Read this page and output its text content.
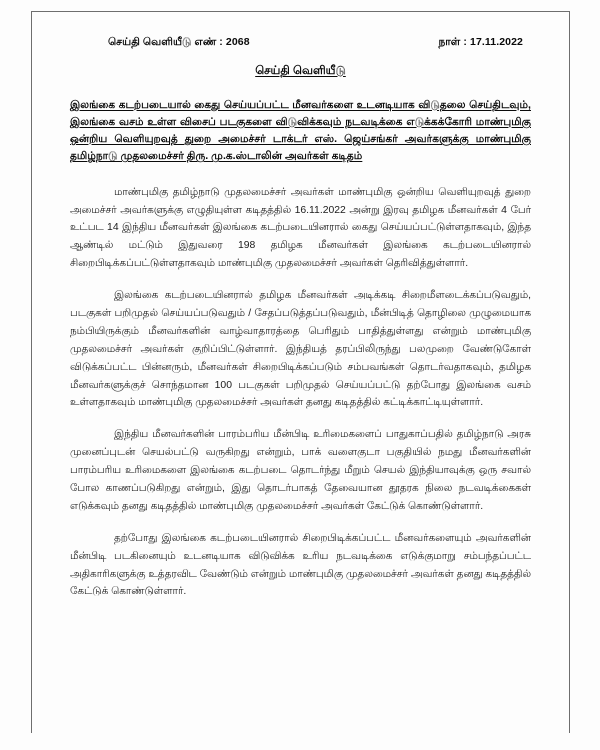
செய்தி வெளியீடு எண் : 2068	நாள் : 17.11.2022
செய்தி வெளியீடு
இலங்கை கடற்படையால் கைது செய்யப்பட்ட மீனவர்களை உடனடியாக விடுதலை செய்திடவும், இலங்கை வசம் உள்ள விசைப் படகுகளை விடுவிக்கவும் நடவடிக்கை எடுக்கக்கோரி மாண்புமிகு ஒன்றிய வெளியுறவுத் துறை அமைச்சர் டாக்டர் எஸ். ஜெய்சங்கர் அவர்களுக்கு மாண்புமிகு தமிழ்நாடு முதலமைச்சர் திரு. மு.க.ஸ்டாலின் அவர்கள் கடிதம்

மாண்புமிகு தமிழ்நாடு முதலமைச்சர் அவர்கள் மாண்புமிகு ஒன்றிய வெளியுறவுத் துறை அமைச்சர் அவர்களுக்கு எழுதியுள்ள கடிதத்தில் 16.11.2022 அன்று இரவு தமிழக மீனவர்கள் 4 பேர் உட்பட 14 இந்திய மீனவர்கள் இலங்கை கடற்படையினரால் கைது செய்யப்பட்டுள்ளதாகவும், இந்த ஆண்டில் மட்டும் இதுவரை 198 தமிழக மீனவர்கள் இலங்கை கடற்படையினரால் சிறைபிடிக்கப்பட்டுள்ளதாகவும் மாண்புமிகு முதலமைச்சர் அவர்கள் தெரிவித்துள்ளார்.

இலங்கை கடற்படையினரால் தமிழக மீனவர்கள் அடிக்கடி சிறைமீளடைக்கப்படுவதும், படகுகள் பறிமுதல் செய்யப்படுவதும் / சேதப்படுத்தப்படுவதும், மீன்பிடித் தொழிலை முழுமையாக நம்பியிருக்கும் மீனவர்களின் வாழ்வாதாரத்தை பெரிதும் பாதித்துள்ளது என்றும் மாண்புமிகு முதலமைச்சர் அவர்கள் குறிப்பிட்டுள்ளார். இந்தியத் தரப்பிலிருந்து பலமுறை வேண்டுகோள் விடுக்கப்பட்ட பின்னரும், மீனவர்கள் சிறைபிடிக்கப்படும் சம்பவங்கள் தொடர்வதாகவும், தமிழக மீனவர்களுக்குச் சொந்தமான 100 படகுகள் பறிமுதல் செய்யப்பட்டு தற்போது இலங்கை வசம் உள்ளதாகவும் மாண்புமிகு முதலமைச்சர் அவர்கள் தனது கடிதத்தில் கட்டிக்காட்டியுள்ளார்.

இந்திய மீனவர்களின் பாரம்பரிய மீன்பிடி உரிமைகளைப் பாதுகாப்பதில் தமிழ்நாடு அரசு முனைப்புடன் செயல்பட்டு வருகிறது என்றும், பாக் வளைகுடா பகுதியில் நமது மீனவர்களின் பாரம்பரிய உரிமைகளை இலங்கை கடற்படை தொடர்ந்து மீறும் செயல் இந்தியாவுக்கு ஒரு சவால் போல காணப்படுகிறது என்றும், இது தொடர்பாகத் தேவையான தூதரக நிலை நடவடிக்கைகள் எடுக்கவும் தனது கடிதத்தில் மாண்புமிகு முதலமைச்சர் அவர்கள் கேட்டுக் கொண்டுள்ளார்.

தற்போது இலங்கை கடற்படையினரால் சிறைபிடிக்கப்பட்ட மீனவர்களையும் அவர்களின் மீன்பிடி படகினையும் உடனடியாக விடுவிக்க உரிய நடவடிக்கை எடுக்குமாறு சம்பந்தப்பட்ட அதிகாரிகளுக்கு உத்தரவிட வேண்டும் என்றும் மாண்புமிகு முதலமைச்சர் அவர்கள் தனது கடிதத்தில் கேட்டுக் கொண்டுள்ளார்.
